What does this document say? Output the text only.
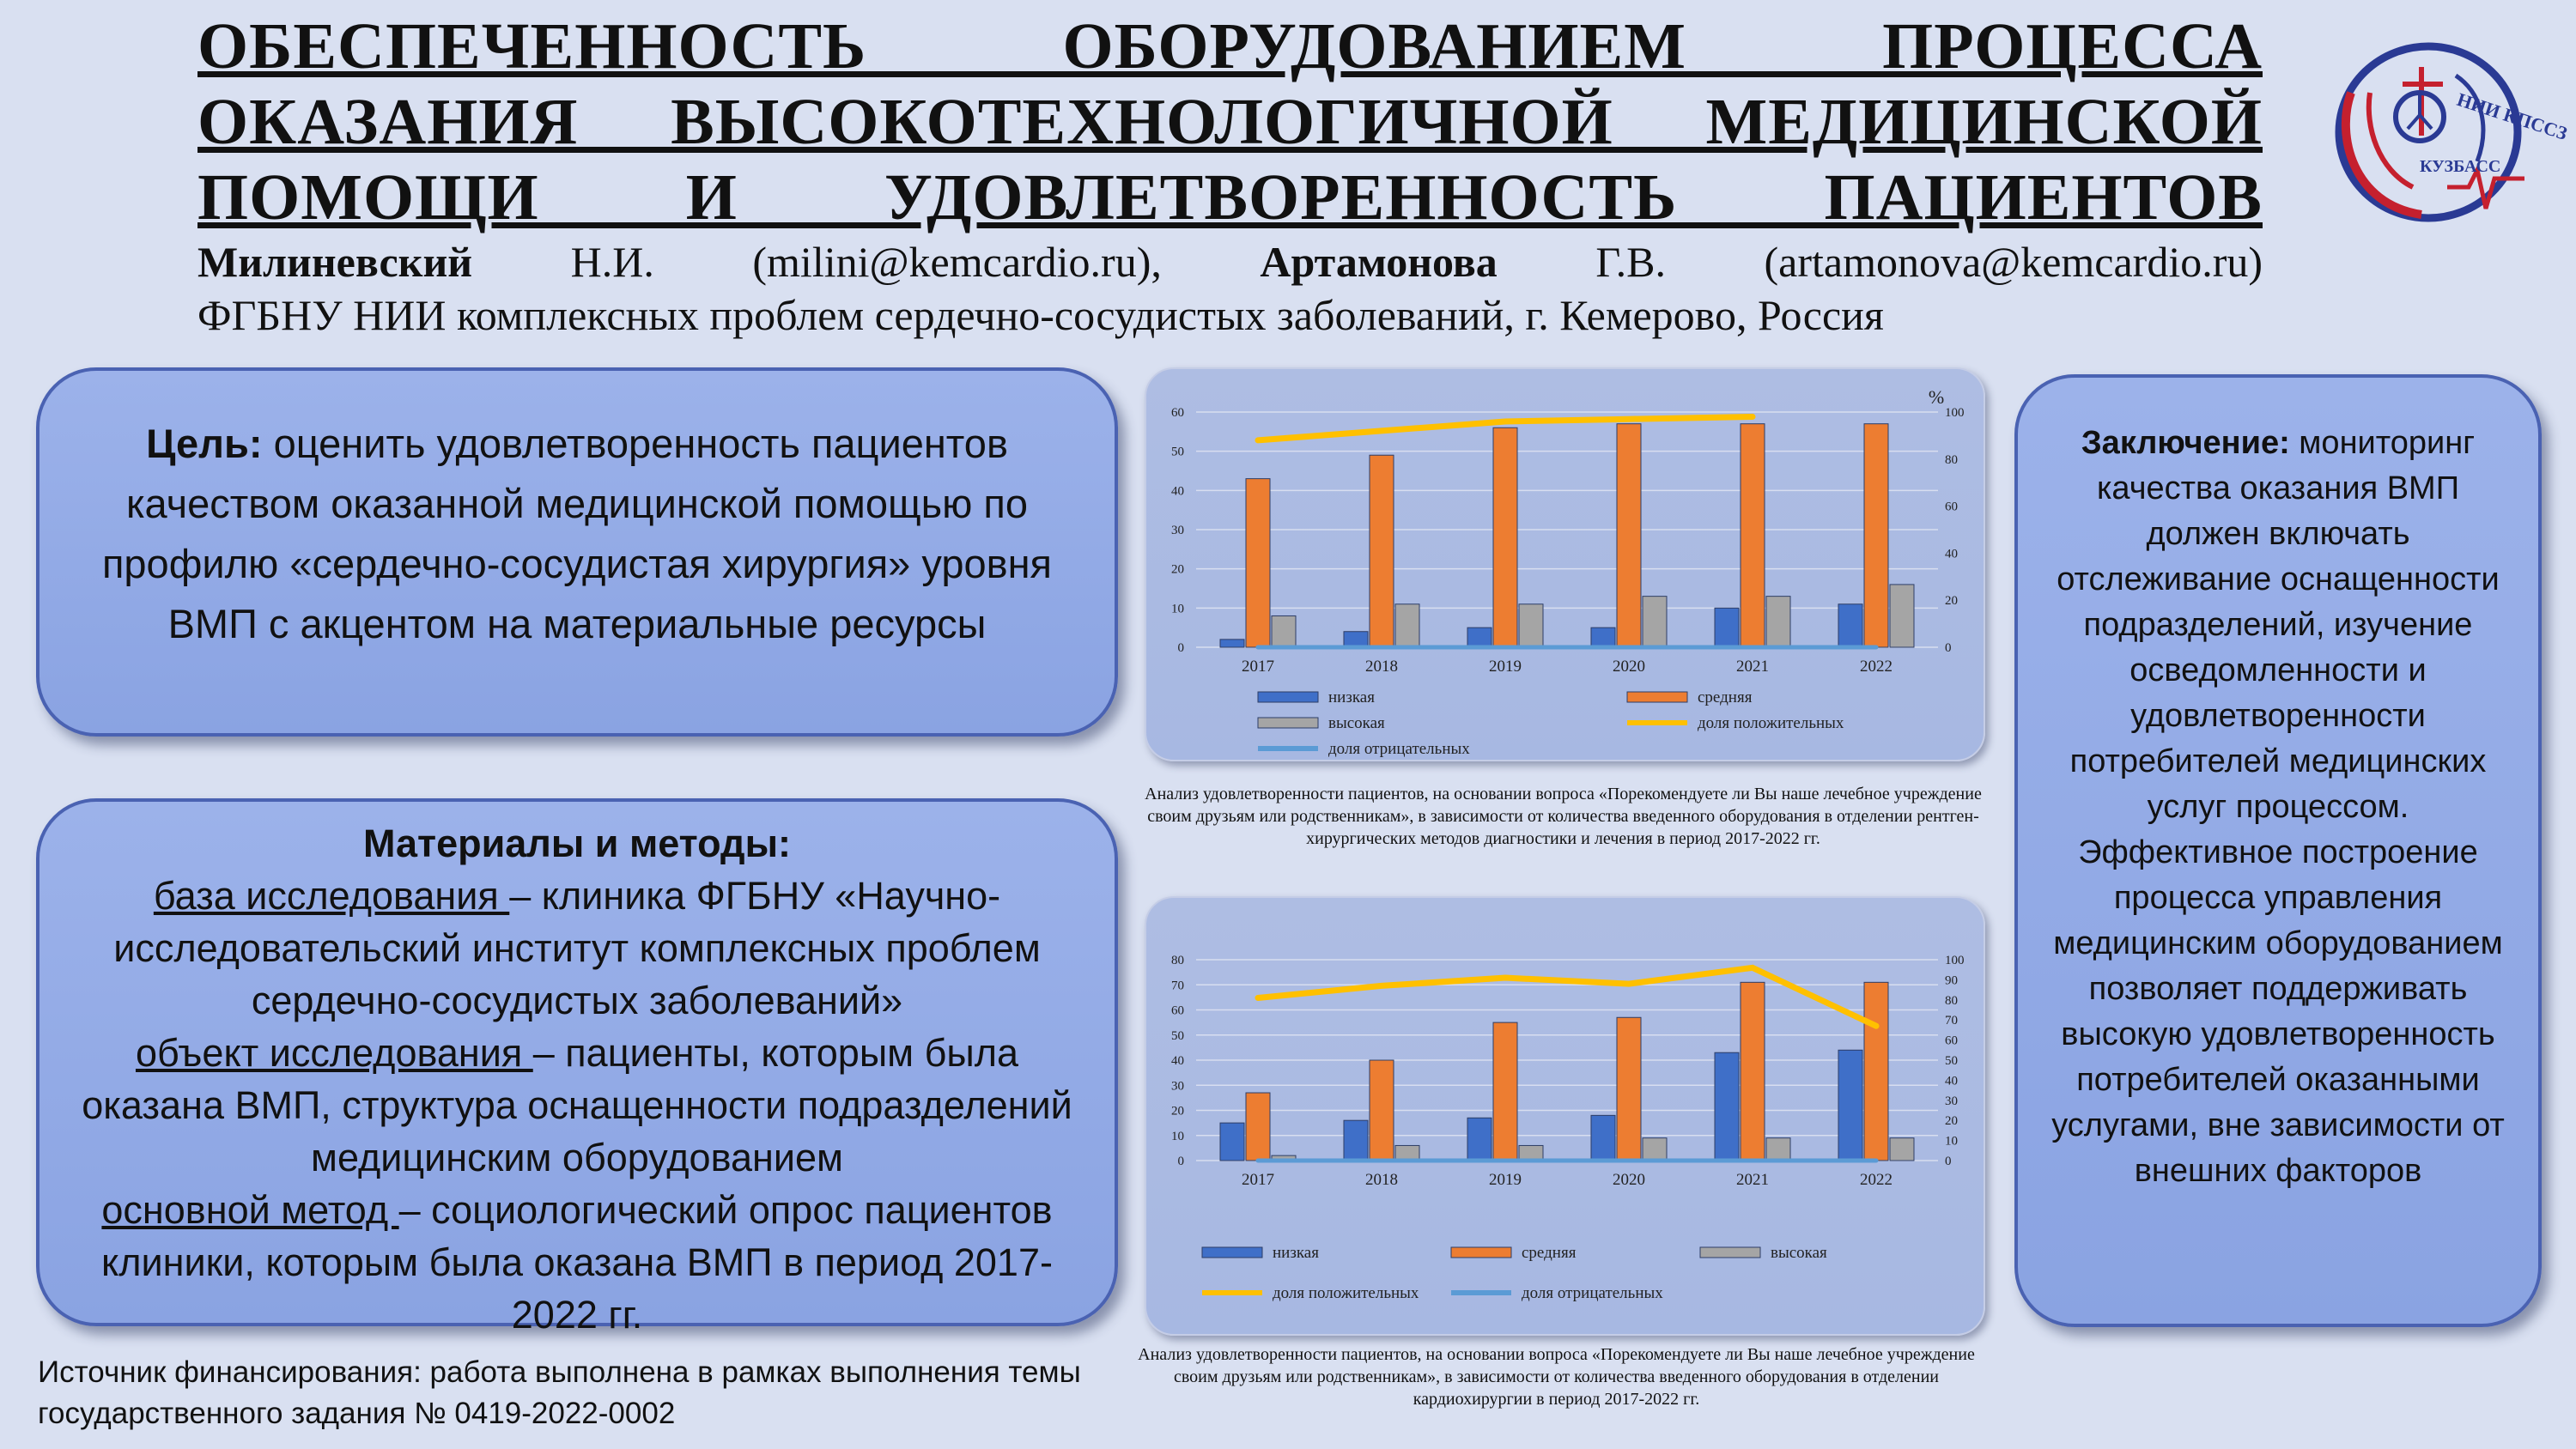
ОБЕСПЕЧЕННОСТЬ ОБОРУДОВАНИЕМ ПРОЦЕССА ОКАЗАНИЯ ВЫСОКОТЕХНОЛОГИЧНОЙ МЕДИЦИНСКОЙ ПОМОЩИ И УДОВЛЕТВОРЕННОСТЬ ПАЦИЕНТОВ
Милиневский Н.И. (milini@kemcardio.ru), Артамонова Г.В. (artamonova@kemcardio.ru)
ФГБНУ НИИ комплексных проблем сердечно-сосудистых заболеваний, г. Кемерово, Россия
НИИ КПССЗ
КУЗБАСС
Цель: оценить удовлетворенность пациентов качеством оказанной медицинской помощью по профилю «сердечно-сосудистая хирургия» уровня ВМП с акцентом на материальные ресурсы
Материалы и методы:
база исследования – клиника ФГБНУ «Научно-исследовательский институт комплексных проблем сердечно-сосудистых заболеваний»
объект исследования – пациенты, которым была оказана ВМП, структура оснащенности подразделений медицинским оборудованием
основной метод – социологический опрос пациентов клиники, которым была оказана ВМП в период 2017-2022 гг.
Источник финансирования: работа выполнена в рамках выполнения темы государственного задания № 0419-2022-0002
Заключение: мониторинг качества оказания ВМП должен включать отслеживание оснащенности подразделений, изучение осведомленности и удовлетворенности потребителей медицинских услуг процессом. Эффективное построение процесса управления медицинским оборудованием позволяет поддерживать высокую удовлетворенность потребителей оказанными услугами, вне зависимости от внешних факторов
0
10
20
30
40
50
60
0
20
40
60
80
100
%
2017	2018	2019	2020	2021	2022
низкая	средняя
высокая	доля положительных
доля отрицательных
Анализ удовлетворенности пациентов, на основании вопроса «Порекомендуете ли Вы наше лечебное учреждение своим друзьям или родственникам», в зависимости от количества введенного оборудования в отделении рентген-хирургических методов диагностики и лечения в период 2017-2022 гг.
0
10
20
30
40
50
60
70
80
0
10
20
30
40
50
60
70
80
90
100
2017	2018	2019	2020	2021	2022
низкая	средняя	высокая
доля положительных	доля отрицательных
Анализ удовлетворенности пациентов, на основании вопроса «Порекомендуете ли Вы наше лечебное учреждение своим друзьям или родственникам», в зависимости от количества введенного оборудования в отделении кардиохирургии в период 2017-2022 гг.
